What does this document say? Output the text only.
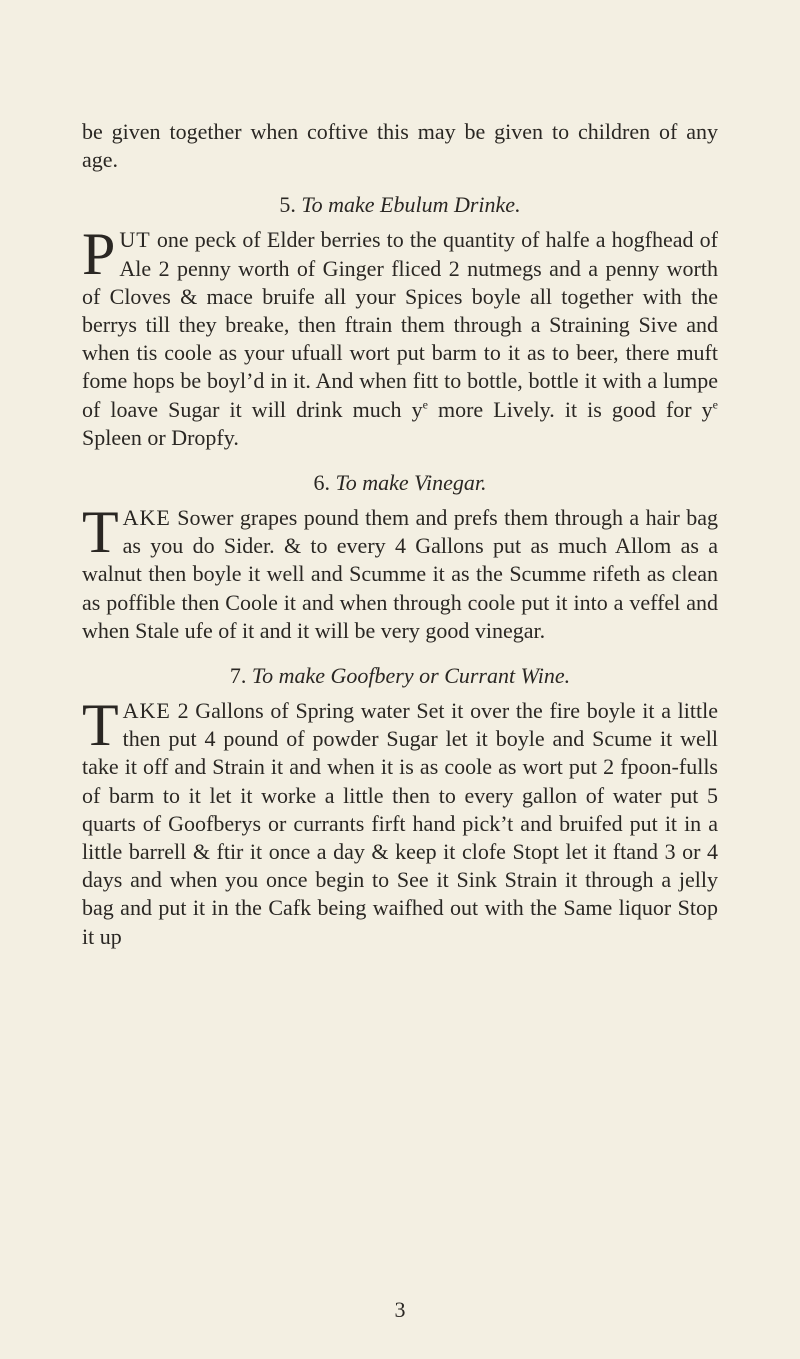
be given together when coftive this may be given to children of any age.

5. To make Ebulum Drinke.

PUT one peck of Elder berries to the quantity of halfe a hogfhead of Ale 2 penny worth of Ginger fliced 2 nutmegs and a penny worth of Cloves & mace bruife all your Spices boyle all together with the berrys till they breake, then ftrain them through a Straining Sive and when tis coole as your ufuall wort put barm to it as to beer, there muft fome hops be boyl’d in it. And when fitt to bottle, bottle it with a lumpe of loave Sugar it will drink much $y^e$ more Lively. it is good for $y^e$ Spleen or Dropfy.

6. To make Vinegar.

TAKE Sower grapes pound them and prefs them through a hair bag as you do Sider. & to every 4 Gallons put as much Allom as a walnut then boyle it well and Scumme it as the Scumme rifeth as clean as poffible then Coole it and when through coole put it into a veffel and when Stale ufe of it and it will be very good vinegar.

7. To make Goofbery or Currant Wine.

TAKE 2 Gallons of Spring water Set it over the fire boyle it a little then put 4 pound of powder Sugar let it boyle and Scume it well take it off and Strain it and when it is as coole as wort put 2 fpoon-fulls of barm to it let it worke a little then to every gallon of water put 5 quarts of Goofberys or currants firft hand pick’t and bruifed put it in a little barrell & ftir it once a day & keep it clofe Stopt let it ftand 3 or 4 days and when you once begin to See it Sink Strain it through a jelly bag and put it in the Cafk being waifhed out with the Same liquor Stop it up

3
